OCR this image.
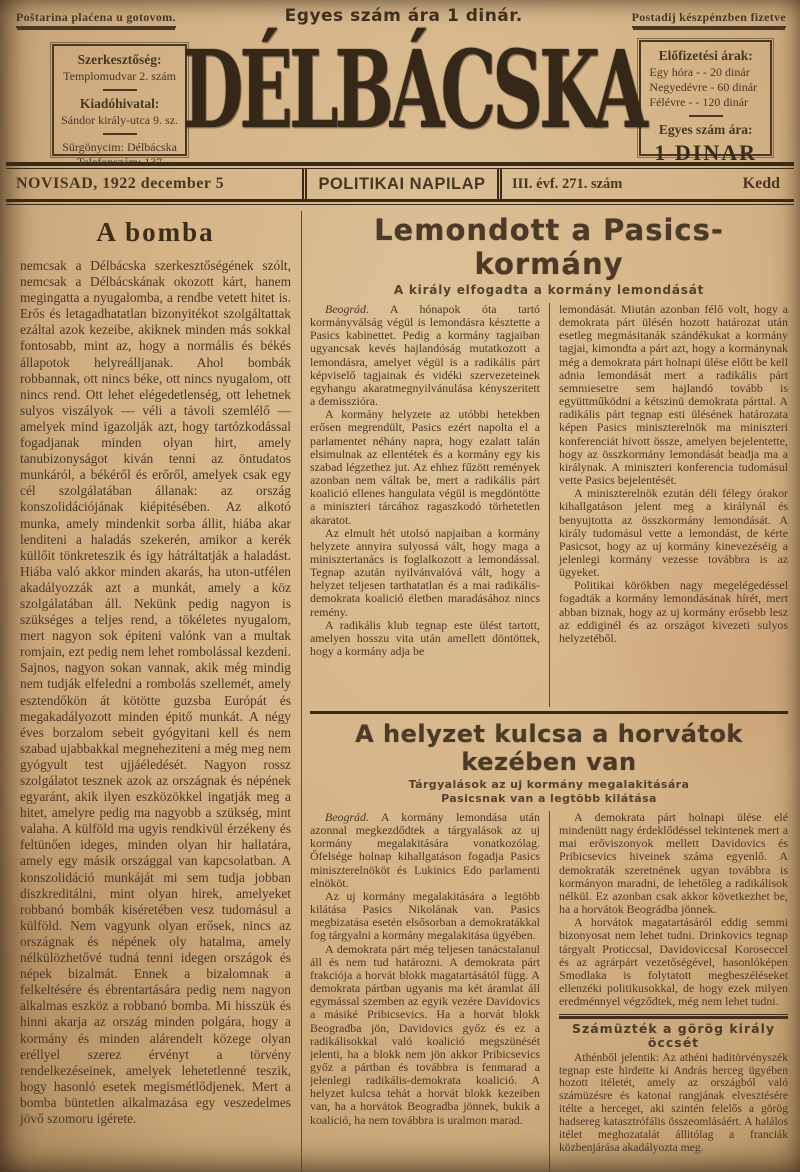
Poštarina plaćena u gotovom.	Egyes szám ára 1 dinár.	Postadij készpénzben fizetve
Szerkesztőség:
Templomudvar 2. szám
Kiadóhivatal:
Sándor király-utca 9. sz.
Sürgönycim: Délbácska
Telefonszám: 137
DÉLBÁCSKA	Előfizetési árak:
Egy hóra - - 20 dinár
Negyedévre - 60 dinár
Félévre - - 120 dinár
Egyes szám ára:
1 DINAR
NOVISAD, 1922 december 5	POLITIKAI NAPILAP	III. évf. 271. szám	Kedd
A bomba
nemcsak a Délbácska szerkesztőségének szólt, nemcsak a Délbácskának okozott kárt, hanem megingatta a nyugalomba, a rendbe vetett hitet is. Erős és letagadhatatlan bizonyitékot szolgáltattak ezáltal azok kezeibe, akiknek minden más sokkal fontosabb, mint az, hogy a normális és békés állapotok helyreálljanak. Ahol bombák robbannak, ott nincs béke, ott nincs nyugalom, ott nincs rend. Ott lehet elégedetlenség, ott lehetnek sulyos viszályok — véli a távoli szemlélő — amelyek mind igazolják azt, hogy tartózkodással fogadjanak minden olyan hirt, amely tanubizonyságot kiván tenni az öntudatos munkáról, a békéről és erőről, amelyek csak egy cél szolgálatában állanak: az ország konszolidációjának kiépitésében. Az alkotó munka, amely mindenkit sorba állit, hiába akar lenditeni a haladás szekerén, amikor a kerék küllőit tönkreteszik és igy hátráltatják a haladást. Hiába való akkor minden akarás, ha uton-utfélen akadályozzák azt a munkát, amely a köz szolgálatában áll. Nekünk pedig nagyon is szükséges a teljes rend, a tökéletes nyugalom, mert nagyon sok épiteni valónk van a multak romjain, ezt pedig nem lehet rombolással kezdeni. Sajnos, nagyon sokan vannak, akik még mindig nem tudják elfeledni a rombolás szellemét, amely esztendőkön át kötötte guzsba Európát és megakadályozott minden épitő munkát. A négy éves borzalom sebeit gyógyitani kell és nem szabad ujabbakkal megneheziteni a még meg nem gyógyult test ujjáéledését. Nagyon rossz szolgálatot tesznek azok az országnak és népének egyaránt, akik ilyen eszközökkel ingatják meg a hitet, amelyre pedig ma nagyobb a szükség, mint valaha. A külföld ma ugyis rendkivül érzékeny és feltünően ideges, minden olyan hir hallatára, amely egy másik országgal van kapcsolatban. A konszolidáció munkáját mi sem tudja jobban diszkreditálni, mint olyan hirek, amelyeket robbanó bombák kiséretében vesz tudomásul a külföld. Nem vagyunk olyan erősek, nincs az országnak és népének oly hatalma, amely nélkülözhetővé tudná tenni idegen országok és népek bizalmát. Ennek a bizalomnak a felkeltésére és ébrentartására pedig nem nagyon alkalmas eszköz a robbanó bomba. Mi hisszük és hinni akarja az ország minden polgára, hogy a kormány és minden alárendelt közege olyan eréllyel szerez érvényt a törvény rendelkezéseinek, amelyek lehetetlenné teszik, hogy hasonló esetek megismétlődjenek. Mert a bomba büntetlen alkalmazása egy veszedelmes jövő szomoru igérete.
Lemondott a Pasics-kormány
A király elfogadta a kormány lemondását

Beográd. A hónapok óta tartó kormányválság végül is lemondásra késztette a Pasics kabinettet. Pedig a kormány tagjaiban ugyancsak kevés hajlandóság mutatkozott a lemondásra, amelyet végül is a radikális párt képviselő tagjainak és vidéki szervezeteinek egyhangu akaratmegnyilvánulása kényszeritett a demisszióra.

A kormány helyzete az utóbbi hetekben erősen megrendült, Pasics ezért napolta el a parlamentet néhány napra, hogy ezalatt talán elsimulnak az ellentétek és a kormány egy kis szabad légzethez jut. Az ehhez fűzött remények azonban nem váltak be, mert a radikális párt koalició ellenes hangulata végül is megdöntötte a miniszteri tárcához ragaszkodó törhetetlen akaratot.

Az elmult hét utolsó napjaiban a kormány helyzete annyira sulyossá vált, hogy maga a minisztertanács is foglalkozott a lemondással. Tegnap azután nyilvánvalóvá vált, hogy a helyzet teljesen tarthatatlan és a mai radikális-demokrata koalició életben maradásához nincs remény.

A radikális klub tegnap este ülést tartott, amelyen hosszu vita után amellett döntöttek, hogy a kormány adja be

lemondását. Miután azonban félő volt, hogy a demokrata párt ülésén hozott határozat után esetleg megmásitanák szándékukat a kormány tagjai, kimondta a párt azt, hogy a kormánynak még a demokrata párt holnapi ülése előtt be kell adnia lemondását mert a radikális párt semmiesetre sem hajlandó tovább is együttműködni a kétszinü demokrata párttal. A radikális párt tegnap esti ülésének határozata képen Pasics miniszterelnök ma miniszteri konferenciát hivott össze, amelyen bejelentette, hogy az összkormány lemondását beadja ma a királynak. A miniszteri konferencia tudomásul vette Pasics bejelentését.

A miniszterelnök ezután déli félegy órakor kihallgatáson jelent meg a királynál és benyujtotta az összkormány lemondását. A király tudomásul vette a lemondást, de kérte Pasicsot, hogy az uj kormány kinevezéséig a jelenlegi kormány vezesse továbbra is az ügyeket.

Politikai körökben nagy megelégedéssel fogadták a kormány lemondásának hírét, mert abban biznak, hogy az uj kormány erősebb lesz az eddiginél és az országot kivezeti sulyos helyzetéből.

A helyzet kulcsa a horvátok kezében van
Tárgyalások az uj kormány megalakitására
Pasicsnak van a legtöbb kilátása

Beográd. A kormány lemondása után azonnal megkezdődtek a tárgyalások az uj kormány megalakitására vonatkozólag. Őfelsége holnap kihallgatáson fogadja Pasics miniszterelnököt és Lukinics Edo parlamenti elnököt.

Az uj kormány megalakitására a legtöbb kilátása Pasics Nikolának van. Pasics megbizatása esetén elsősorban a demokratákkal fog tárgyalni a kormány megalakitása ügyében.

A demokrata párt még teljesen tanácstalanul áll és nem tud határozni. A demokrata párt frakciója a horvát blokk magatartásától függ. A demokrata pártban ugyanis ma két áramlat áll egymással szemben az egyik vezére Davidovics a másiké Pribicsevics. Ha a horvát blokk Beogradba jön, Davidovics győz és ez a radikálisokkal való koalició megszünését jelenti, ha a blokk nem jön akkor Pribicsevics győz a pártban és továbbra is fenmarad a jelenlegi radikális-demokrata koalició. A helyzet kulcsa tehát a horvát blokk kezeiben van, ha a horvátok Beogradba jönnek, bukik a koalició, ha nem továbbra is uralmon marad.

A demokrata párt holnapi ülése elé mindenütt nagy érdeklődéssel tekintenek mert a mai erőviszonyok mellett Davidovics és Pribicsevics hiveinek száma egyenlő. A demokraták szeretnének ugyan továbbra is kormányon maradni, de lehetőleg a radikálisok nélkül. Ez azonban csak akkor következhet be, ha a horvátok Beográdba jönnek.

A horvátok magatartásáról eddig semmi bizonyosat nem lehet tudni. Drinkovics tegnap tárgyalt Proticcsal, Davidoviccsal Koroseccel és az agrárpárt vezetőségével, hasonlóképen Smodlaka is folytatott megbeszéléseket ellenzéki politikusokkal, de hogy ezek milyen eredménnyel végződtek, még nem lehet tudni.

Számüzték a görög király öccsét

Athénből jelentik: Az athéni haditörvényszék tegnap este hirdette ki András herceg ügyében hozott itéletét, amely az országból való számüzésre és katonai rangjának elvesztésére itélte a herceget, aki szintén felelős a görög hadsereg katasztrófális összeomlásáért. A halálos itélet meghozatalát állitólag a franciák közbenjárása akadályozta meg.
